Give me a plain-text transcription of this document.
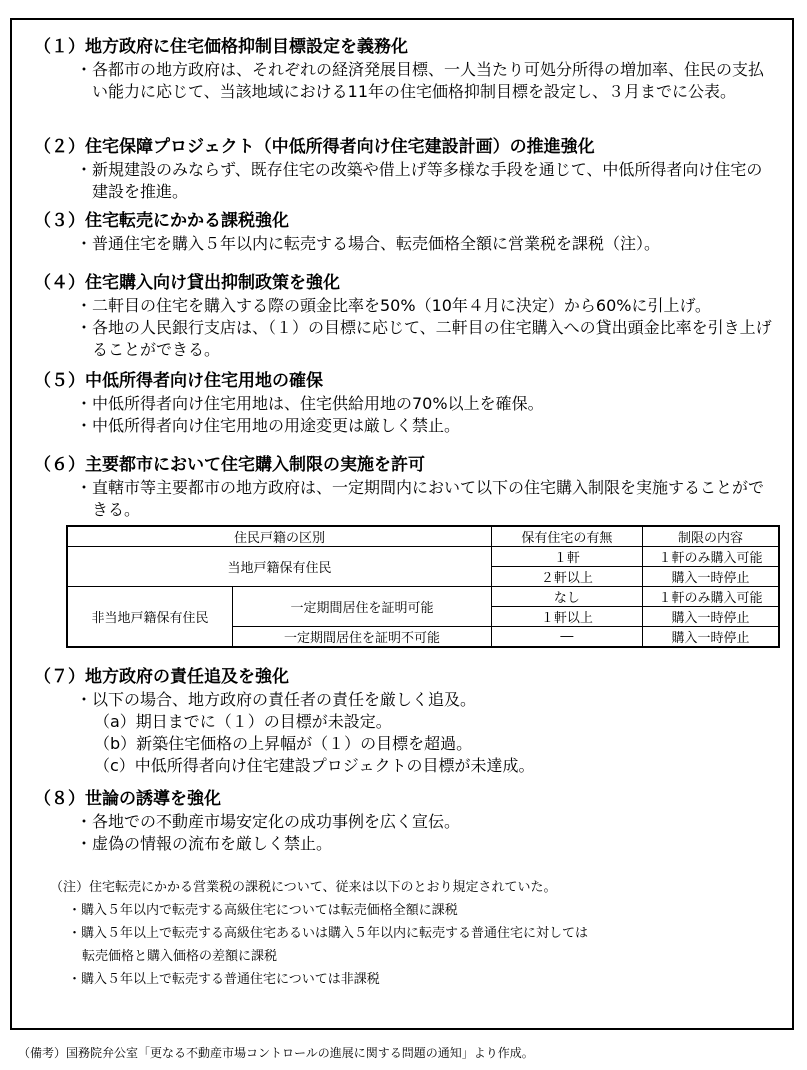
（１）地方政府に住宅価格抑制目標設定を義務化
・各都市の地方政府は、それぞれの経済発展目標、一人当たり可処分所得の増加率、住民の支払い能力に応じて、当該地域における11年の住宅価格抑制目標を設定し、３月までに公表。
（２）住宅保障プロジェクト（中低所得者向け住宅建設計画）の推進強化
・新規建設のみならず、既存住宅の改築や借上げ等多様な手段を通じて、中低所得者向け住宅の建設を推進。
（３）住宅転売にかかる課税強化
・普通住宅を購入５年以内に転売する場合、転売価格全額に営業税を課税（注）。
（４）住宅購入向け貸出抑制政策を強化
・二軒目の住宅を購入する際の頭金比率を50%（10年４月に決定）から60%に引上げ。
・各地の人民銀行支店は、（１）の目標に応じて、二軒目の住宅購入への貸出頭金比率を引き上げることができる。
（５）中低所得者向け住宅用地の確保
・中低所得者向け住宅用地は、住宅供給用地の70%以上を確保。
・中低所得者向け住宅用地の用途変更は厳しく禁止。
（６）主要都市において住宅購入制限の実施を許可
・直轄市等主要都市の地方政府は、一定期間内において以下の住宅購入制限を実施することができる。
（７）地方政府の責任追及を強化
・以下の場合、地方政府の責任者の責任を厳しく追及。
（a）期日までに（１）の目標が未設定。
（b）新築住宅価格の上昇幅が（１）の目標を超過。
（c）中低所得者向け住宅建設プロジェクトの目標が未達成。
（８）世論の誘導を強化
・各地での不動産市場安定化の成功事例を広く宣伝。
・虚偽の情報の流布を厳しく禁止。
住民戸籍の区別		保有住宅の有無	制限の内容
当地戸籍保有住民		１軒	１軒のみ購入可能
		２軒以上	購入一時停止
非当地戸籍保有住民	一定期間居住を証明可能	なし	１軒のみ購入可能
		１軒以上	購入一時停止
	一定期間居住を証明不可能	―	購入一時停止
（注）住宅転売にかかる営業税の課税について、従来は以下のとおり規定されていた。
・購入５年以内で転売する高級住宅については転売価格全額に課税
・購入５年以上で転売する高級住宅あるいは購入５年以内に転売する普通住宅に対しては
転売価格と購入価格の差額に課税
・購入５年以上で転売する普通住宅については非課税
（備考）国務院弁公室「更なる不動産市場コントロールの進展に関する問題の通知」より作成。
